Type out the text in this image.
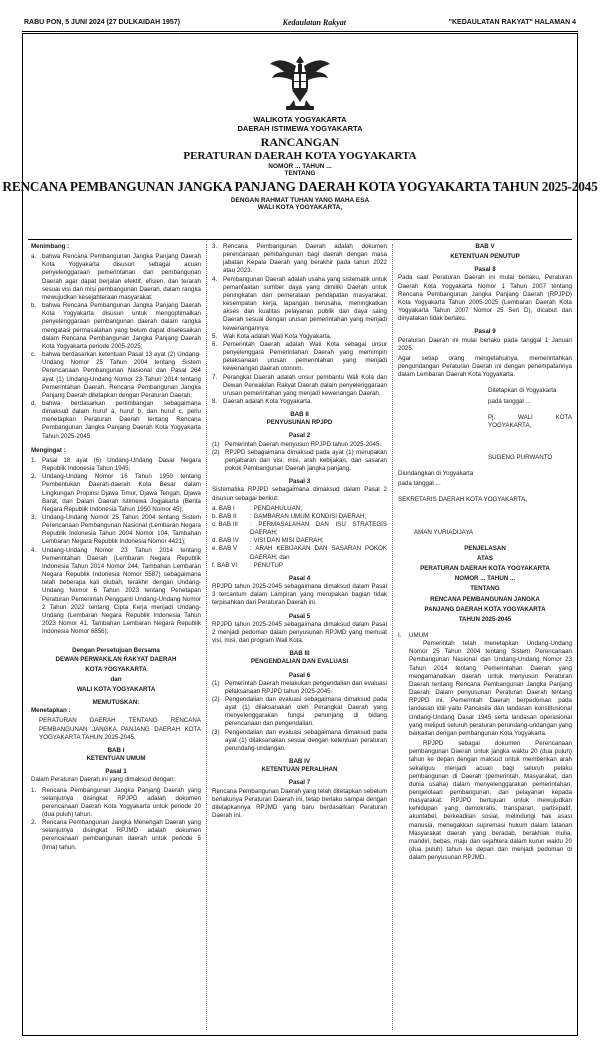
RABU PON, 5 JUNI 2024 (27 DULKAIDAH 1957)	Kedaulatan Rakyat	"KEDAULATAN RAKYAT" HALAMAN 4
WALIKOTA YOGYAKARTA
DAERAH ISTIMEWA YOGYAKARTA
RANCANGAN
PERATURAN DAERAH KOTA YOGYAKARTA
NOMOR ... TAHUN ...
TENTANG
RENCANA PEMBANGUNAN JANGKA PANJANG DAERAH KOTA YOGYAKARTA TAHUN 2025-2045
DENGAN RAHMAT TUHAN YANG MAHA ESA
WALI KOTA YOGYAKARTA,

Menimbang :

a. bahwa Rencana Pembangunan Jangka Panjang Daerah Kota Yogyakarta disusun sebagai acuan penyelenggaraan pemerintahan dan pembangunan Daerah agar dapat berjalan efektif, efisien, dan terarah sesuai visi dan misi pembangunan Daerah, dalam rangka mewujudkan kesejahteraan masyarakat;
b. bahwa Rencana Pembangunan Jangka Panjang Daerah Kota Yogyakarta disusun untuk mengoptimalkan penyelenggaraan pembangunan daerah dalam rangka mengatasi permasalahan yang belum dapat diselesaikan dalam Rencana Pembangunan Jangka Panjang Daerah Kota Yogyakarta periode 2005-2025;
c. bahwa berdasarkan ketentuan Pasal 13 ayat (2) Undang-Undang Nomor 25 Tahun 2004 tentang Sistem Perencanaan Pembangunan Nasional dan Pasal 264 ayat (1) Undang-Undang Nomor 23 Tahun 2014 tentang Pemerintahan Daerah, Rencana Pembangunan Jangka Panjang Daerah ditetapkan dengan Peraturan Daerah;
d. bahwa berdasarkan pertimbangan sebagaimana dimaksud dalam huruf a, huruf b, dan huruf c, perlu menetapkan Peraturan Daerah tentang Rencana Pembangunan Jangka Panjang Daerah Kota Yogyakarta Tahun 2025-2045;

Mengingat :

1. Pasal 18 ayat (6) Undang-Undang Dasar Negara Republik Indonesia Tahun 1945;
2. Undang-Undang Nomor 16 Tahun 1950 tentang Pembentukan Daerah-daerah Kota Besar dalam Lingkungan Propinsi Djawa Timur, Djawa Tengah, Djawa Barat, dan Dalam Daerah Istimewa Jogjakarta (Berita Negara Republik Indonesia Tahun 1950 Nomor 45);
3. Undang-Undang Nomor 25 Tahun 2004 tentang Sistem Perencanaan Pembangunan Nasional (Lembaran Negara Republik Indonesia Tahun 2004 Nomor 104, Tambahan Lembaran Negara Republik Indonesia Nomor 4421);
4. Undang-Undang Nomor 23 Tahun 2014 tentang Pemerintahan Daerah (Lembaran Negara Republik Indonesia Tahun 2014 Nomor 244, Tambahan Lembaran Negara Republik Indonesia Nomor 5587) sebagaimana telah beberapa kali diubah, terakhir dengan Undang-Undang Nomor 6 Tahun 2023 tentang Penetapan Peraturan Pemerintah Pengganti Undang-Undang Nomor 2 Tahun 2022 tentang Cipta Kerja menjadi Undang-Undang (Lembaran Negara Republik Indonesia Tahun 2023 Nomor 41, Tambahan Lembaran Negara Republik Indonesia Nomor 6856);

Dengan Persetujuan Bersama

DEWAN PERWAKILAN RAKYAT DAERAH

KOTA YOGYAKARTA

dan

WALI KOTA YOGYAKARTA

MEMUTUSKAN:

Menetapkan :

PERATURAN DAERAH TENTANG RENCANA PEMBANGUNAN JANGKA PANJANG DAERAH KOTA YOGYAKARTA TAHUN 2025-2045.

BAB I

KETENTUAN UMUM

Pasal 1

Dalam Peraturan Daerah ini yang dimaksud dengan:

1. Rencana Pembangunan Jangka Panjang Daerah yang selanjutnya disingkat RPJPD adalah dokumen perencanaan Daerah Kota Yogyakarta untuk periode 20 (dua puluh) tahun.
2. Rencana Pembangunan Jangka Menengah Daerah yang selanjutnya disingkat RPJMD adalah dokumen perencanaan pembangunan daerah untuk periode 5 (lima) tahun.
3. Rencana Pembangunan Daerah adalah dokumen perencanaan pembangunan bagi daerah dengan masa jabatan Kepala Daerah yang berakhir pada tahun 2022 atau 2023.
4. Pembangunan Daerah adalah usaha yang sistematik untuk pemanfaatan sumber daya yang dimiliki Daerah untuk peningkatan dan pemerataan pendapatan masyarakat, kesempatan kerja, lapangan berusaha, meningkatkan akses dan kualitas pelayanan publik dan daya saing Daerah sesuai dengan urusan pemerintahan yang menjadi kewenangannya.
5. Wali Kota adalah Wali Kota Yogyakarta.
6. Pemerintah Daerah adalah Wali Kota sebagai unsur penyelenggara Pemerintahan Daerah yang memimpin pelaksanaan urusan pemerintahan yang menjadi kewenangan daerah otonom.
7. Perangkat Daerah adalah unsur pembantu Wali Kota dan Dewan Perwakilan Rakyat Daerah dalam penyelenggaraan urusan pemerintahan yang menjadi kewenangan Daerah.
8. Daerah adalah Kota Yogyakarta.

BAB II

PENYUSUNAN RPJPD

Pasal 2

(1) Pemerintah Daerah menyusun RPJPD tahun 2025-2045.
(2) RPJPD sebagaimana dimaksud pada ayat (1) merupakan penjabaran dari visi, misi, arah kebijakan, dan sasaran pokok Pembangunan Daerah jangka panjang.

Pasal 3

Sistematika RPJPD sebagaimana dimaksud dalam Pasal 2 disusun sebagai berikut:

a. BAB I	: PENDAHULUAN;
b. BAB II	: GAMBARAN UMUM KONDISI DAERAH;
c. BAB III	: PERMASALAHAN DAN ISU STRATEGIS DAERAH;
d. BAB IV	: VISI DAN MISI DAERAH;
e. BAB V	: ARAH KEBIJAKAN DAN SASARAN POKOK DAERAH; dan
f. BAB VI	: PENUTUP

Pasal 4

RPJPD tahun 2025-2045 sebagaimana dimaksud dalam Pasal 3 tercantum dalam Lampiran yang merupakan bagian tidak terpisahkan dari Peraturan Daerah ini.

Pasal 5

RPJPD tahun 2025-2045 sebagaimana dimaksud dalam Pasal 2 menjadi pedoman dalam penyusunan RPJMD yang memuat visi, misi, dan program Wali Kota.

BAB III

PENGENDALIAN DAN EVALUASI

Pasal 6

(1) Pemerintah Daerah melakukan pengendalian dan evaluasi pelaksanaan RPJPD tahun 2025-2045.
(2) Pengendalian dan evaluasi sebagaimana dimaksud pada ayat (1) dilaksanakan oleh Perangkat Daerah yang menyelenggarakan fungsi penunjang di bidang perencanaan dan pengendalian.
(3) Pengendalian dan evaluasi sebagaimana dimaksud pada ayat (1) dilaksanakan sesuai dengan ketentuan peraturan perundang-undangan.

BAB IV

KETENTUAN PERALIHAN

Pasal 7

Rencana Pembangunan Daerah yang telah ditetapkan sebelum berlakunya Peraturan Daerah ini, tetap berlaku sampai dengan ditetapkannya RPJMD yang baru berdasarkan Peraturan Daerah ini.

BAB V

KETENTUAN PENUTUP

Pasal 8

Pada saat Peraturan Daerah ini mulai berlaku, Peraturan Daerah Kota Yogyakarta Nomor 1 Tahun 2007 tentang Rencana Pembangunan Jangka Panjang Daerah (RPJPD) Kota Yogyakarta Tahun 2005-2025 (Lembaran Daerah Kota Yogyakarta Tahun 2007 Nomor 25 Seri D), dicabut dan dinyatakan tidak berlaku.

Pasal 9

Peraturan Daerah ini mulai berlaku pada tanggal 1 Januari 2025.

Agar setiap orang mengetahuinya, memerintahkan pengundangan Peraturan Daerah ini dengan penempatannya dalam Lembaran Daerah Kota Yogyakarta.

Ditetapkan di Yogyakarta

pada tanggal ...

Pj. WALI KOTA YOGYAKARTA,

SUGENG PURWANTO

Diundangkan di Yogyakarta

pada tanggal ...

SEKRETARIS DAERAH KOTA YOGYAKARTA,

AMAN YURIADIJAYA

PENJELASAN

ATAS

PERATURAN DAERAH KOTA YOGYAKARTA

NOMOR ... TAHUN ...

TENTANG

RENCANA PEMBANGUNAN JANGKA

PANJANG DAERAH KOTA YOGYAKARTA

TAHUN 2025-2045

I.	UMUM

Pemerintah telah menetapkan Undang-Undang Nomor 25 Tahun 2004 tentang Sistem Perencanaan Pembangunan Nasional dan Undang-Undang Nomor 23 Tahun 2014 tentang Pemerintahan Daerah yang mengamanatkan daerah untuk menyusun Peraturan Daerah tentang Rencana Pembangunan Jangka Panjang Daerah. Dalam penyusunan Peraturan Daerah tentang RPJPD ini, Pemerintah Daerah berpedoman pada landasan idiil yaitu Pancasila dan landasan konstitusional Undang-Undang Dasar 1945 serta landasan operasional yang meliputi seluruh peraturan perundang-undangan yang berkaitan dengan pembangunan Kota Yogyakarta.

RPJPD sebagai dokumen Perencanaan pembangunan Daerah untuk jangka waktu 20 (dua puluh) tahun ke depan dengan maksud untuk memberikan arah sekaligus menjadi acuan bagi seluruh pelaku pembangunan di Daerah (pemerintah, Masyarakat, dan dunia usaha) dalam menyelenggarakan pemerintahan, pengelolaan pembangunan, dan pelayanan kepada masyarakat. RPJPD bertujuan untuk mewujudkan kehidupan yang demokratis, transparan, partisipatif, akuntabel, berkeadilan sosial, melindungi hak asasi manusia, menegakkan supremasi hukum dalam tatanan Masyarakat daerah yang beradab, berakhlak mulia, mandiri, bebas, maju dan sejahtera dalam kurun waktu 20 (dua puluh) tahun ke depan dan menjadi pedoman di dalam penyusunan RPJMD.
